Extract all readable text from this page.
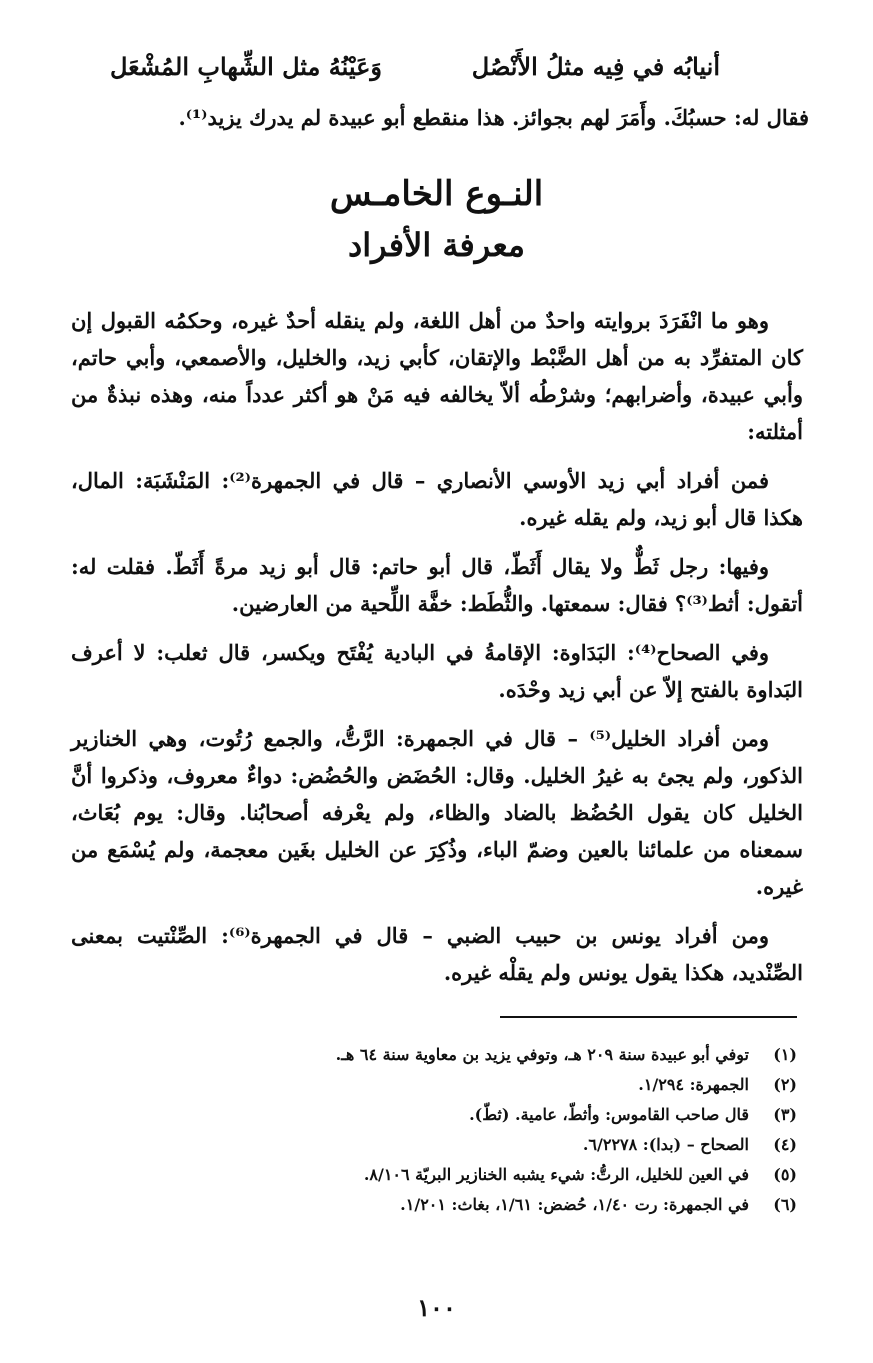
أنيابُه في فِيه مثلُ الأَنْصُل
وَعَيْنُهُ مثل الشِّهابِ المُشْعَل
فقال له: حسبُكَ. وأَمَرَ لهم بجوائز. هذا منقطع أبو عبيدة لم يدرك يزيد⁽¹⁾.
النـوع الخامـس
معرفة الأفراد

وهو ما انْفَرَدَ بروايته واحدٌ من أهل اللغة، ولم ينقله أحدٌ غيره، وحكمُه القبول إن كان المتفرِّد به من أهل الضَّبْط والإتقان، كأبي زيد، والخليل، والأصمعي، وأبي حاتم، وأبي عبيدة، وأضرابهم؛ وشرْطُه ألاّ يخالفه فيه مَنْ هو أكثر عدداً منه، وهذه نبذةٌ من أمثلته:

فمن أفراد أبي زيد الأوسي الأنصاري – قال في الجمهرة⁽²⁾: المَنْشَبَة: المال، هكذا قال أبو زيد، ولم يقله غيره.

وفيها: رجل ثَطٌّ ولا يقال أَثَطّ، قال أبو حاتم: قال أبو زيد مرةً أَثَطّ. فقلت له: أتقول: أثط⁽³⁾؟ فقال: سمعتها. والثُّطَط: خفَّة اللِّحية من العارضين.

وفي الصحاح⁽⁴⁾: البَدَاوة: الإقامةُ في البادية يُفْتَح ويكسر، قال ثعلب: لا أعرف البَداوة بالفتح إلاّ عن أبي زيد وحْدَه.

ومن أفراد الخليل⁽⁵⁾ – قال في الجمهرة: الرَّتُّ، والجمع رُتُوت، وهي الخنازير الذكور، ولم يجئ به غيرُ الخليل. وقال: الحُضَض والحُضُض: دواءٌ معروف، وذكروا أنَّ الخليل كان يقول الحُضُظ بالضاد والظاء، ولم يعْرفه أصحابُنا. وقال: يوم بُعَاث، سمعناه من علمائنا بالعين وضمّ الباء، وذُكِرَ عن الخليل بغَين معجمة، ولم يُسْمَع من غيره.

ومن أفراد يونس بن حبيب الضبي – قال في الجمهرة⁽⁶⁾: الصِّنْتيت بمعنى الصِّنْديد، هكذا يقول يونس ولم يقلْه غيره.

(١)توفي أبو عبيدة سنة ٢٠٩ هـ، وتوفي يزيد بن معاوية سنة ٦٤ هـ.
(٢)الجمهرة: ١/٢٩٤.
(٣)قال صاحب القاموس: وأثطّ، عامية. (ثطّ).
(٤)الصحاح – (بدا): ٦/٢٢٧٨.
(٥)في العين للخليل، الرتُّ: شيء يشبه الخنازير البريّة ٨/١٠٦.
(٦)في الجمهرة: رت ١/٤٠، حُضض: ١/٦١، بغاث: ١/٢٠١.
١٠٠
